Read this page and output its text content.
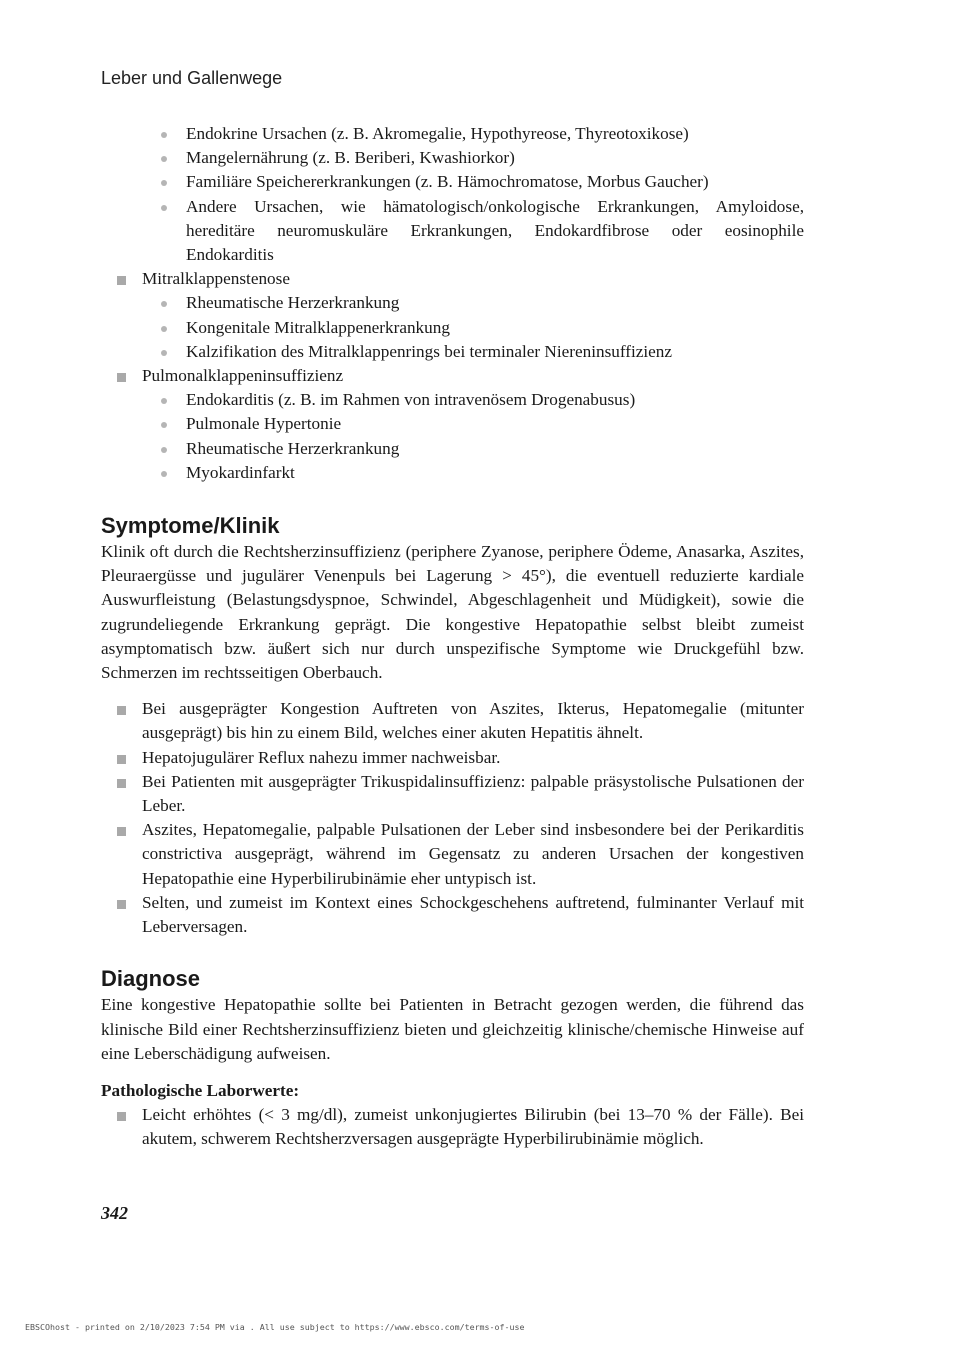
Leber und Gallenwege
Endokrine Ursachen (z. B. Akromegalie, Hypothyreose, Thyreotoxikose)
Mangelernährung (z. B. Beriberi, Kwashiorkor)
Familiäre Speichererkrankungen (z. B. Hämochromatose, Morbus Gaucher)
Andere Ursachen, wie hämatologisch/onkologische Erkrankungen, Amyloidose, hereditäre neuromuskuläre Erkrankungen, Endokardfibrose oder eosinophile Endokarditis
Mitralklappenstenose
Rheumatische Herzerkrankung
Kongenitale Mitralklappenerkrankung
Kalzifikation des Mitralklappenrings bei terminaler Niereninsuffizienz
Pulmonalklappeninsuffizienz
Endokarditis (z. B. im Rahmen von intravenösem Drogenabusus)
Pulmonale Hypertonie
Rheumatische Herzerkrankung
Myokardinfarkt
Symptome/Klinik
Klinik oft durch die Rechtsherzinsuffizienz (periphere Zyanose, periphere Ödeme, Anasarka, Aszites, Pleuraergüsse und jugulärer Venenpuls bei Lagerung > 45°), die eventuell reduzierte kardiale Auswurfleistung (Belastungsdyspnoe, Schwindel, Abgeschlagenheit und Müdigkeit), sowie die zugrundeliegende Erkrankung geprägt. Die kongestive Hepatopathie selbst bleibt zumeist asymptomatisch bzw. äußert sich nur durch unspezifische Symptome wie Druckgefühl bzw. Schmerzen im rechtsseitigen Oberbauch.
Bei ausgeprägter Kongestion Auftreten von Aszites, Ikterus, Hepatomegalie (mitunter ausgeprägt) bis hin zu einem Bild, welches einer akuten Hepatitis ähnelt.
Hepatojugulärer Reflux nahezu immer nachweisbar.
Bei Patienten mit ausgeprägter Trikuspidalinsuffizienz: palpable präsystolische Pulsationen der Leber.
Aszites, Hepatomegalie, palpable Pulsationen der Leber sind insbesondere bei der Perikarditis constrictiva ausgeprägt, während im Gegensatz zu anderen Ursachen der kongestiven Hepatopathie eine Hyperbilirubinämie eher untypisch ist.
Selten, und zumeist im Kontext eines Schockgeschehens auftretend, fulminanter Verlauf mit Leberversagen.
Diagnose
Eine kongestive Hepatopathie sollte bei Patienten in Betracht gezogen werden, die führend das klinische Bild einer Rechtsherzinsuffizienz bieten und gleichzeitig klinische/chemische Hinweise auf eine Leberschädigung aufweisen.
Pathologische Laborwerte:
Leicht erhöhtes (< 3 mg/dl), zumeist unkonjugiertes Bilirubin (bei 13–70 % der Fälle). Bei akutem, schwerem Rechtsherzversagen ausgeprägte Hyperbilirubinämie möglich.
342
EBSCOhost - printed on 2/10/2023 7:54 PM via . All use subject to https://www.ebsco.com/terms-of-use
